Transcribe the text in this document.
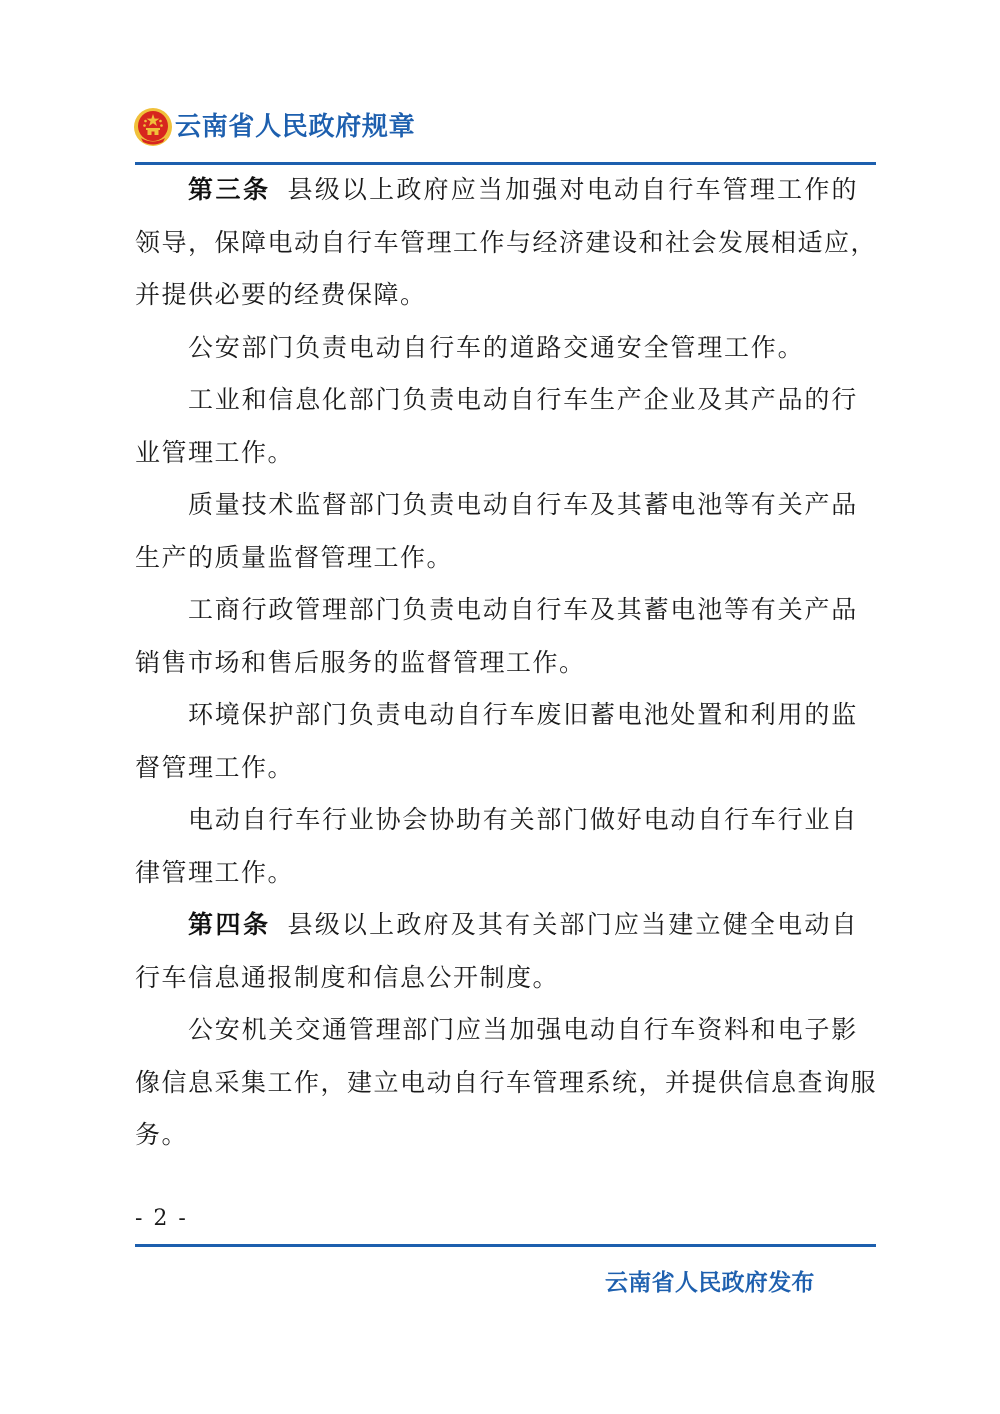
云南省人民政府规章
第三条 县级以上政府应当加强对电动自行车管理工作的
领导，保障电动自行车管理工作与经济建设和社会发展相适应，
并提供必要的经费保障。
公安部门负责电动自行车的道路交通安全管理工作。
工业和信息化部门负责电动自行车生产企业及其产品的行
业管理工作。
质量技术监督部门负责电动自行车及其蓄电池等有关产品
生产的质量监督管理工作。
工商行政管理部门负责电动自行车及其蓄电池等有关产品
销售市场和售后服务的监督管理工作。
环境保护部门负责电动自行车废旧蓄电池处置和利用的监
督管理工作。
电动自行车行业协会协助有关部门做好电动自行车行业自
律管理工作。
第四条 县级以上政府及其有关部门应当建立健全电动自
行车信息通报制度和信息公开制度。
公安机关交通管理部门应当加强电动自行车资料和电子影
像信息采集工作，建立电动自行车管理系统，并提供信息查询服
务。
- 2 -
云南省人民政府发布
